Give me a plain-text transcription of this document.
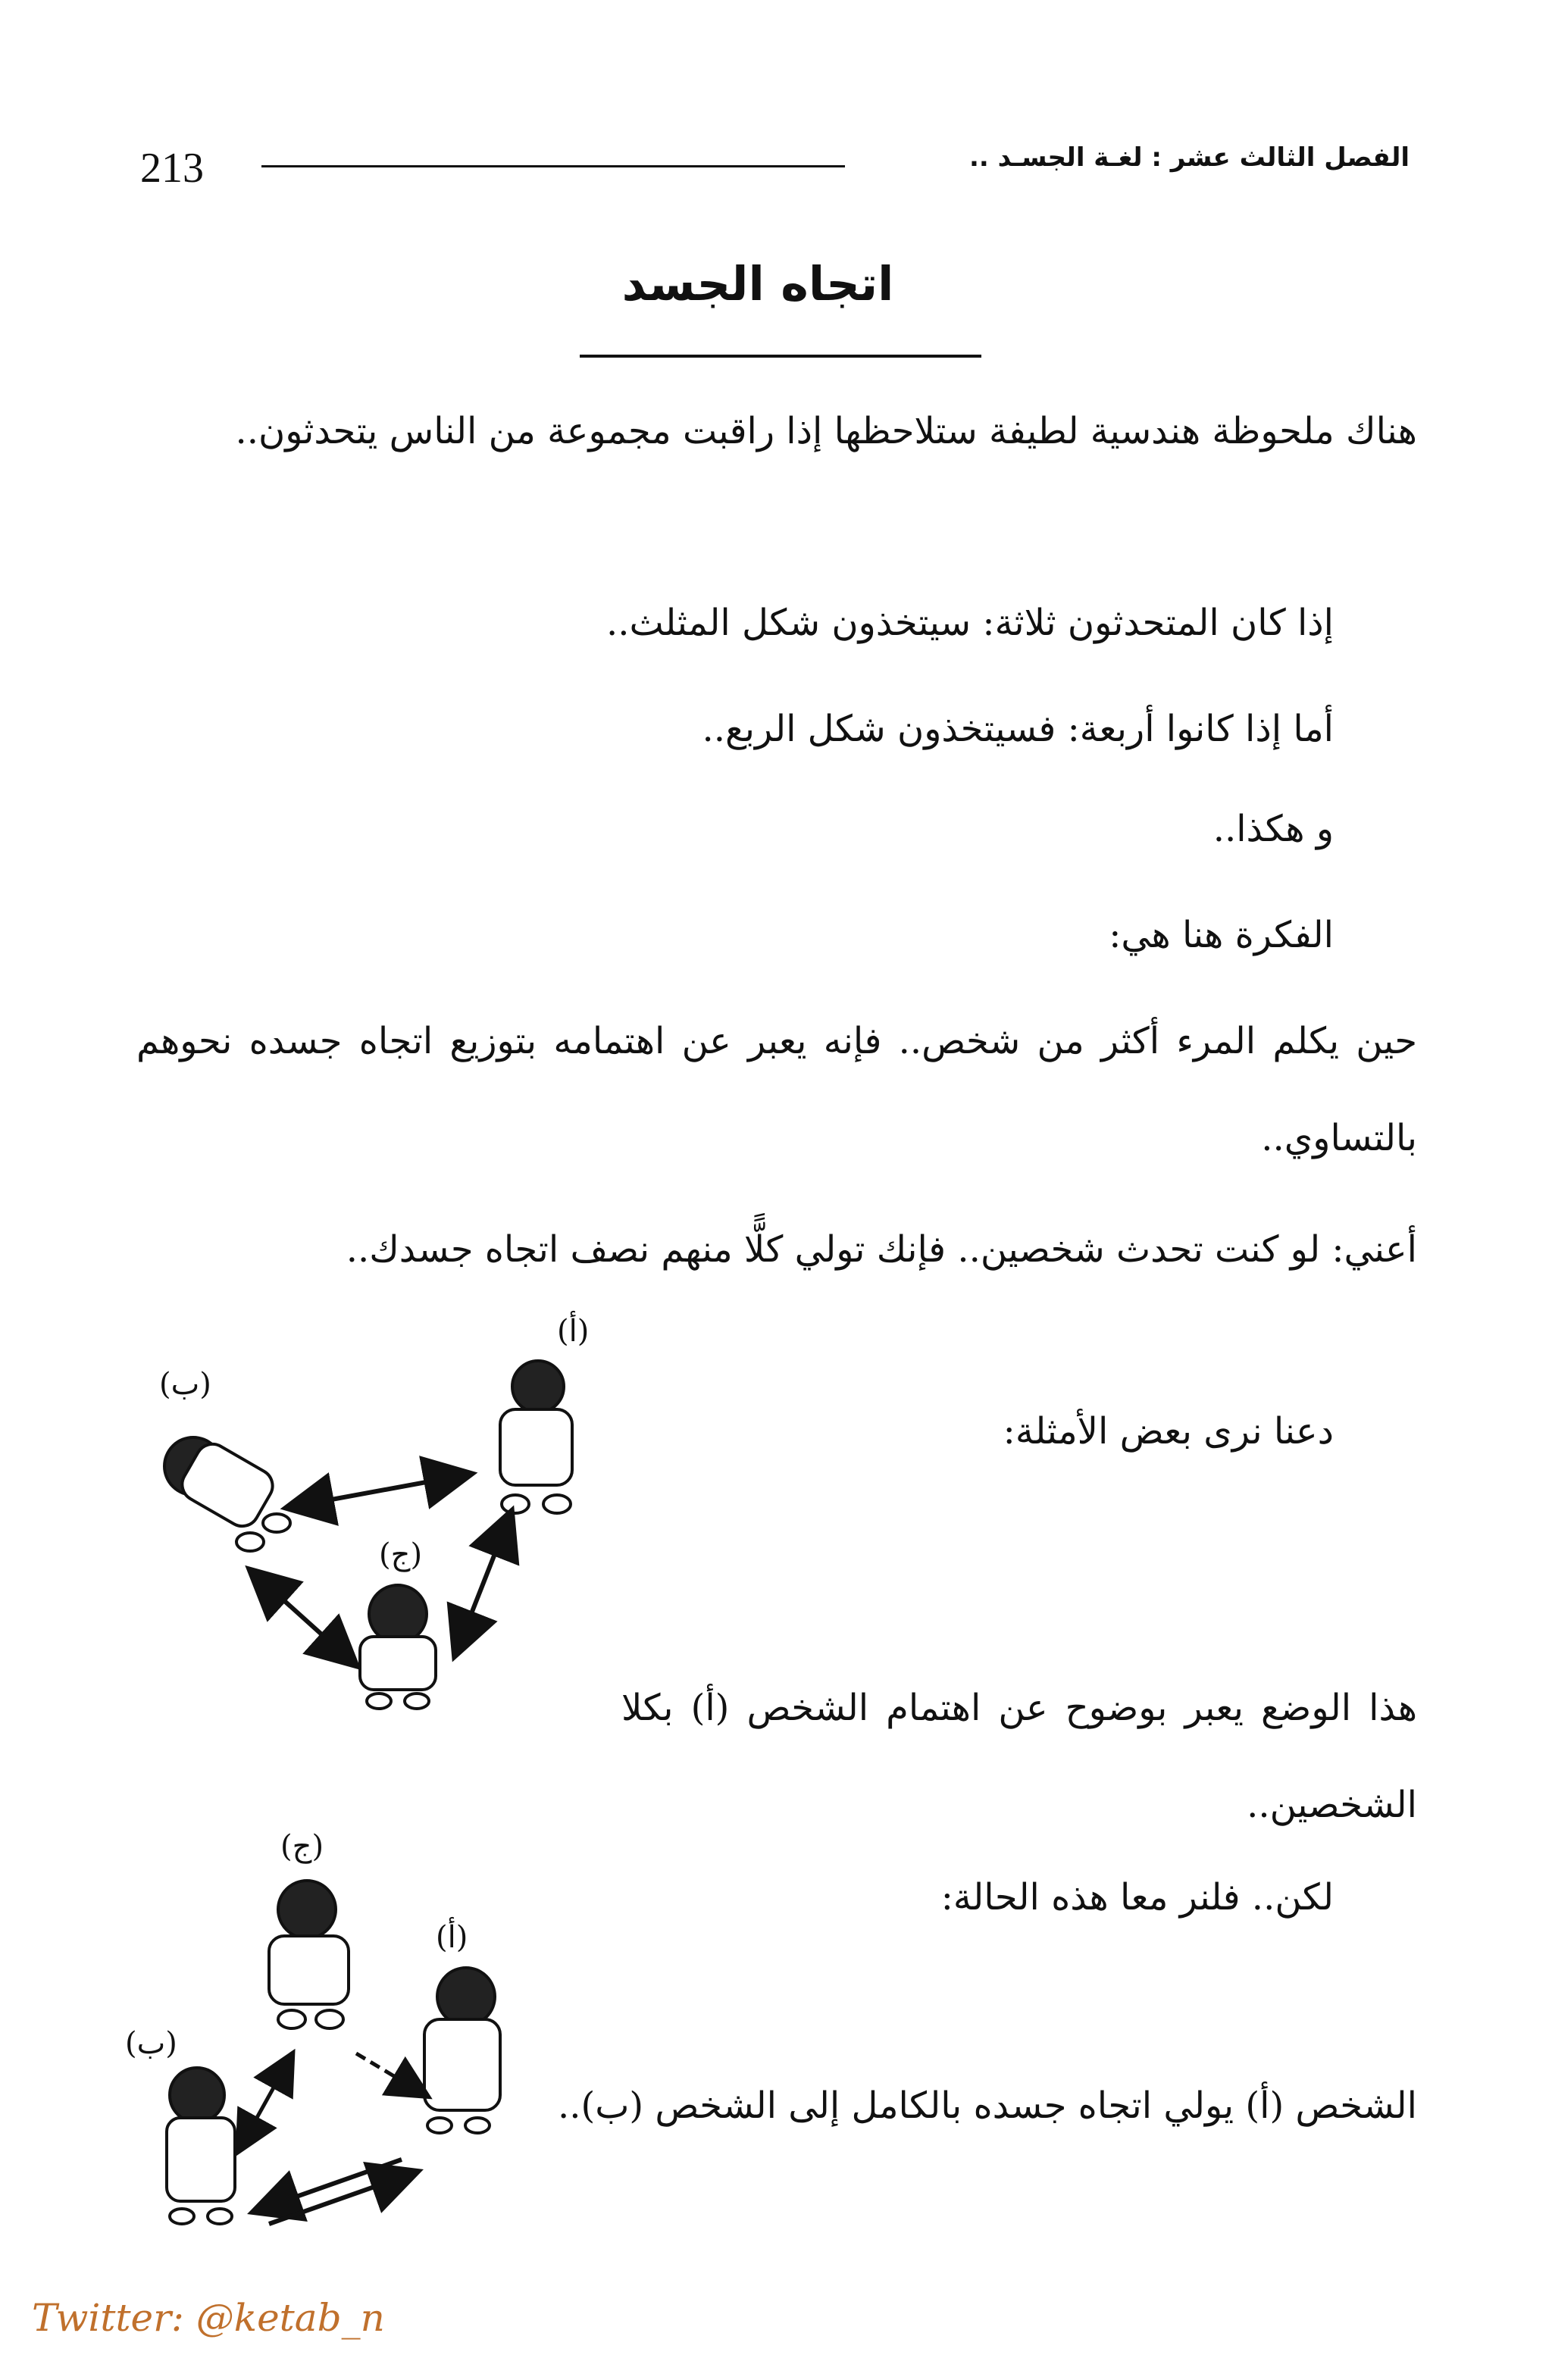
الفصل الثالث عشر : لغـة الجسـد ..
213
اتجاه الجسد
هناك ملحوظة هندسية لطيفة ستلاحظها إذا راقبت مجموعة من الناس يتحدثون..
إذا كان المتحدثون ثلاثة: سيتخذون شكل المثلث..
أما إذا كانوا أربعة: فسيتخذون شكل الربع..
و هكذا..
الفكرة هنا هي:
حين يكلم المرء أكثر من شخص.. فإنه يعبر عن اهتمامه بتوزيع اتجاه جسده نحوهم بالتساوي..
أعني: لو كنت تحدث شخصين.. فإنك تولي كلًّا منهم نصف اتجاه جسدك..
دعنا نرى بعض الأمثلة:
هذا الوضع يعبر بوضوح عن اهتمام الشخص (أ) بكلا الشخصين..
لكن.. فلنر معا هذه الحالة:
الشخص (أ) يولي اتجاه جسده بالكامل إلى الشخص (ب)..
(أ)
(ب)
(ج)
(ج)
(أ)
(ب)
Twitter: @ketab_n
